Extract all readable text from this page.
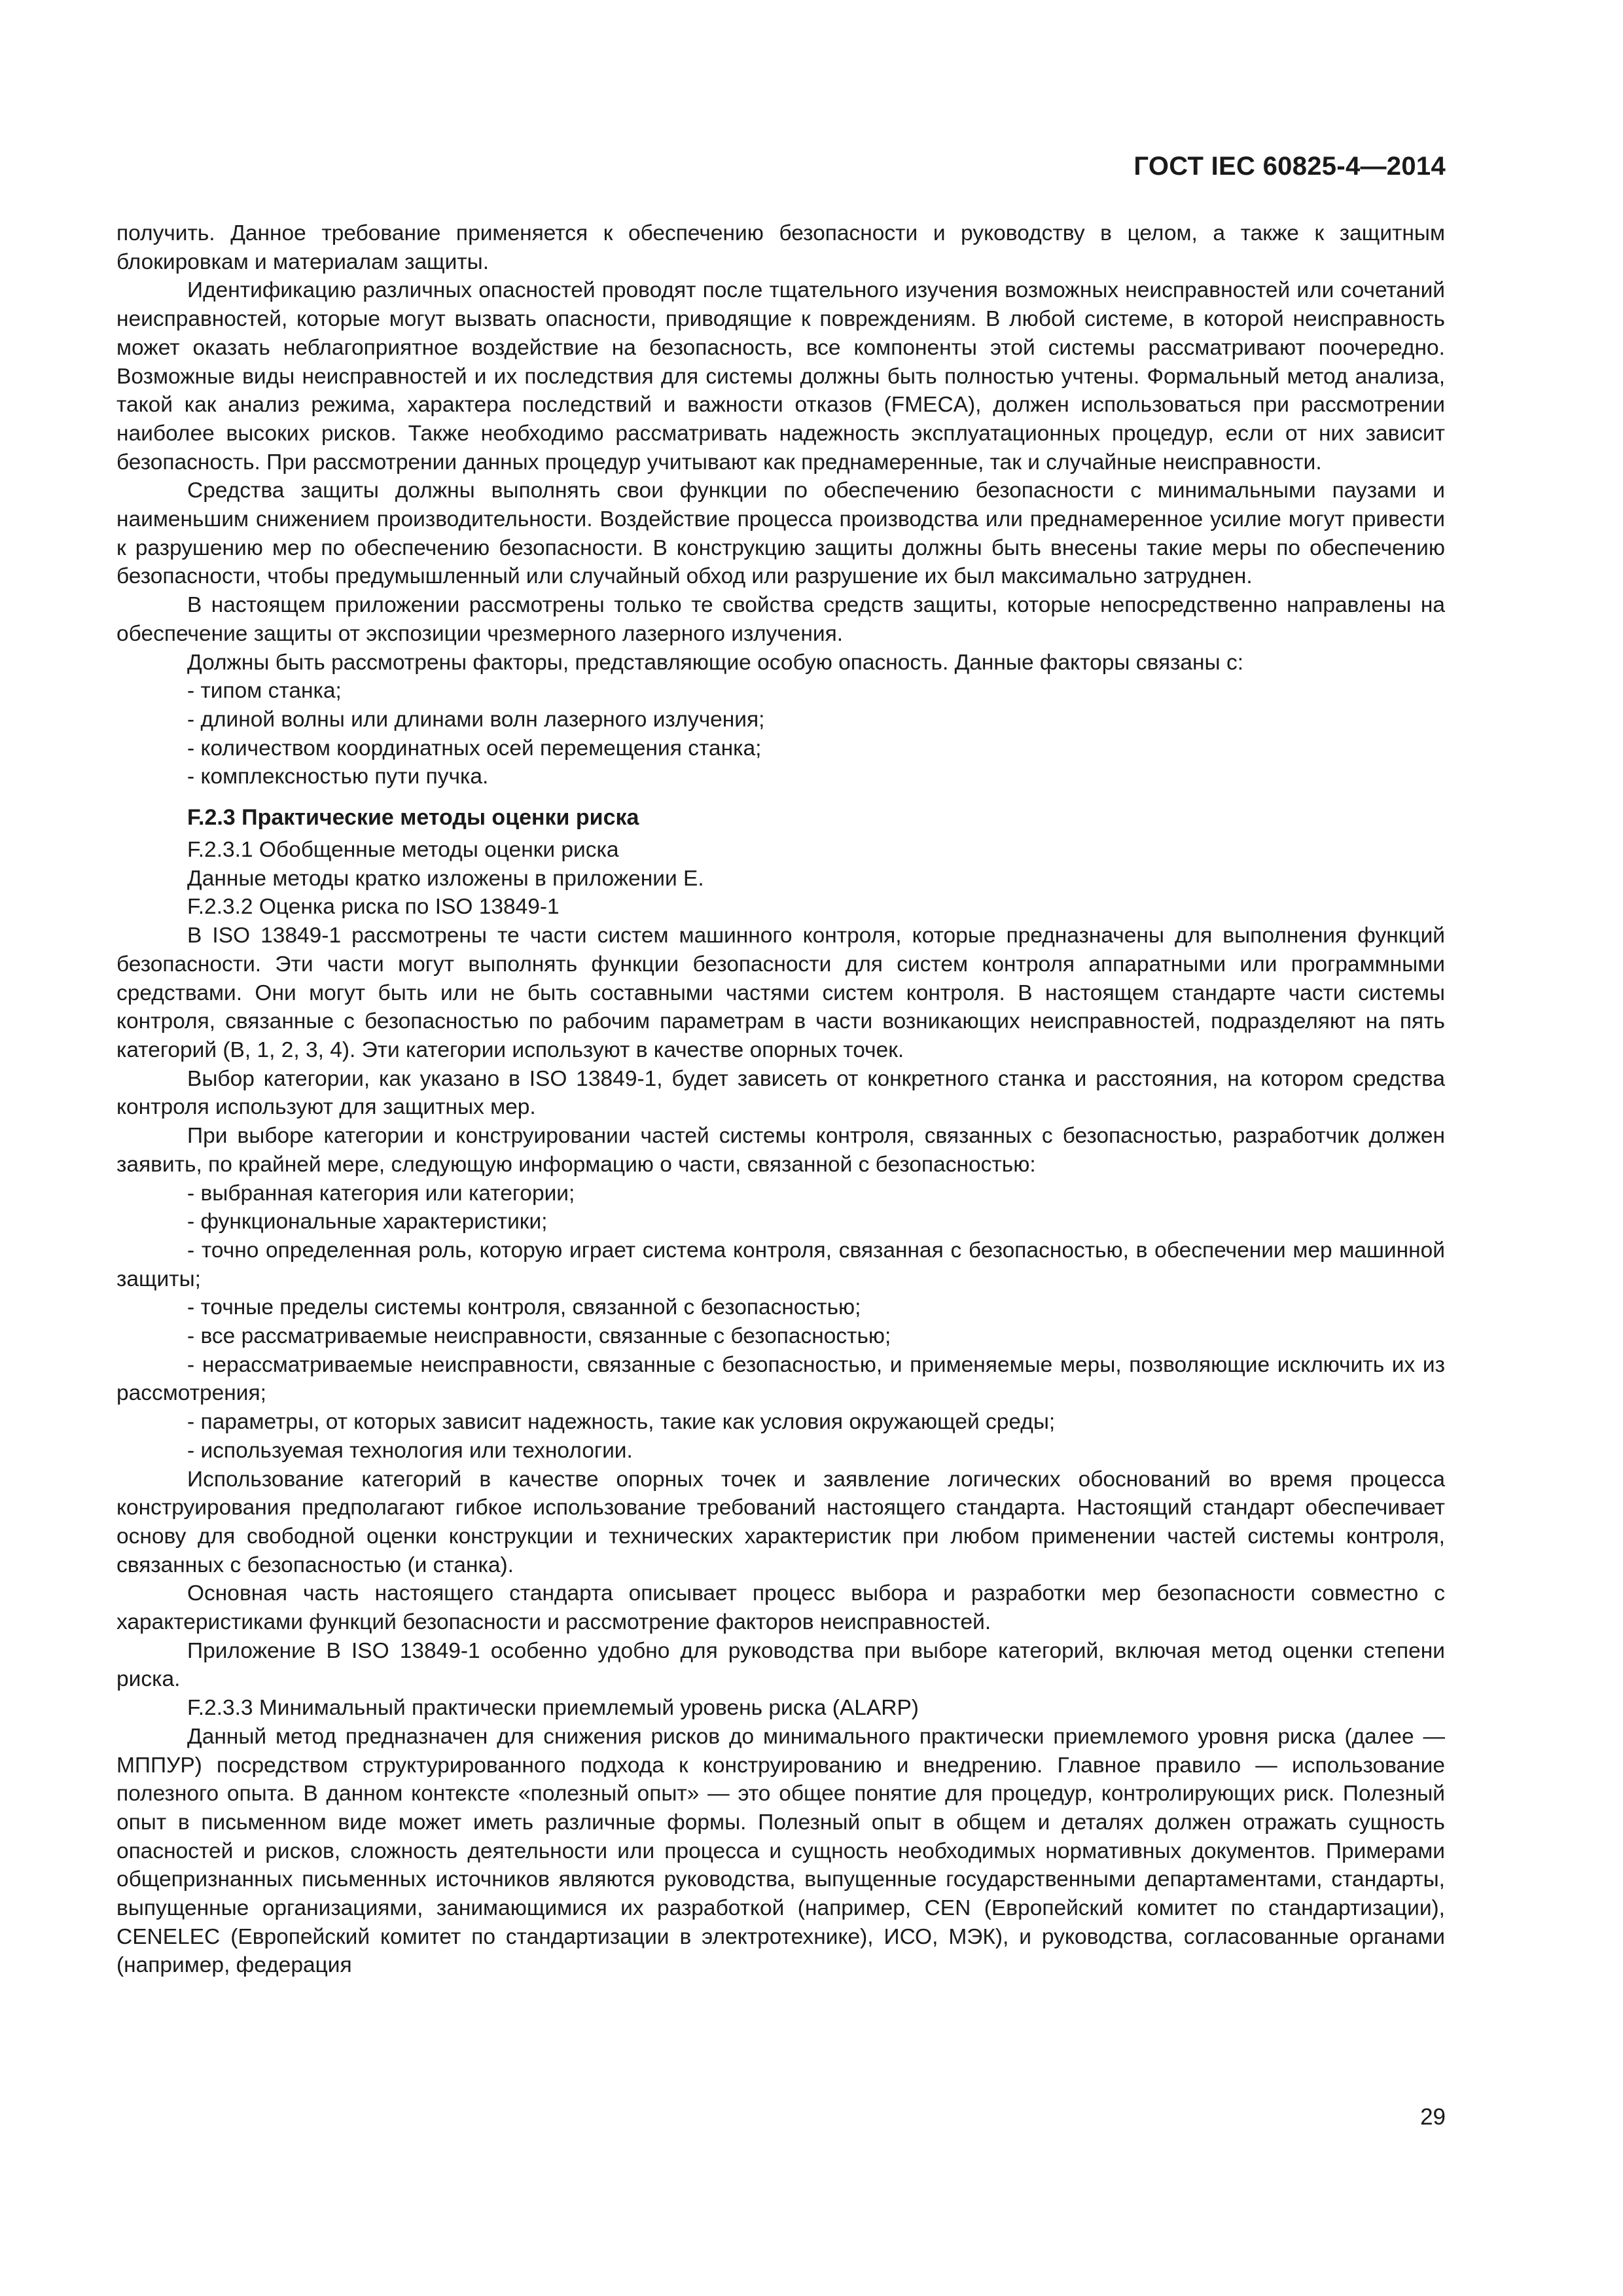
ГОСТ IEC 60825-4—2014

получить. Данное требование применяется к обеспечению безопасности и руководству в целом, а также к защитным блокировкам и материалам защиты.

Идентификацию различных опасностей проводят после тщательного изучения возможных неисправностей или сочетаний неисправностей, которые могут вызвать опасности, приводящие к повреждениям. В любой системе, в которой неисправность может оказать неблагоприятное воздействие на безопасность, все компоненты этой системы рассматривают поочередно. Возможные виды неисправностей и их последствия для системы должны быть полностью учтены. Формальный метод анализа, такой как анализ режима, характера последствий и важности отказов (FMECA), должен использоваться при рассмотрении наиболее высоких рисков. Также необходимо рассматривать надежность эксплуатационных процедур, если от них зависит безопасность. При рассмотрении данных процедур учитывают как преднамеренные, так и случайные неисправности.

Средства защиты должны выполнять свои функции по обеспечению безопасности с минимальными паузами и наименьшим снижением производительности. Воздействие процесса производства или преднамеренное усилие могут привести к разрушению мер по обеспечению безопасности. В конструкцию защиты должны быть внесены такие меры по обеспечению безопасности, чтобы предумышленный или случайный обход или разрушение их был максимально затруднен.

В настоящем приложении рассмотрены только те свойства средств защиты, которые непосредственно направлены на обеспечение защиты от экспозиции чрезмерного лазерного излучения.

Должны быть рассмотрены факторы, представляющие особую опасность. Данные факторы связаны с:

- типом станка;
- длиной волны или длинами волн лазерного излучения;
- количеством координатных осей перемещения станка;
- комплексностью пути пучка.
F.2.3 Практические методы оценки риска

F.2.3.1 Обобщенные методы оценки риска

Данные методы кратко изложены в приложении Е.

F.2.3.2 Оценка риска по ISO 13849-1

В ISO 13849-1 рассмотрены те части систем машинного контроля, которые предназначены для выполнения функций безопасности. Эти части могут выполнять функции безопасности для систем контроля аппаратными или программными средствами. Они могут быть или не быть составными частями систем контроля. В настоящем стандарте части системы контроля, связанные с безопасностью по рабочим параметрам в части возникающих неисправностей, подразделяют на пять категорий (В, 1, 2, 3, 4). Эти категории используют в качестве опорных точек.

Выбор категории, как указано в ISO 13849-1, будет зависеть от конкретного станка и расстояния, на котором средства контроля используют для защитных мер.

При выборе категории и конструировании частей системы контроля, связанных с безопасностью, разработчик должен заявить, по крайней мере, следующую информацию о части, связанной с безопасностью:

- выбранная категория или категории;
- функциональные характеристики;
- точно определенная роль, которую играет система контроля, связанная с безопасностью, в обеспечении мер машинной защиты;
- точные пределы системы контроля, связанной с безопасностью;
- все рассматриваемые неисправности, связанные с безопасностью;
- нерассматриваемые неисправности, связанные с безопасностью, и применяемые меры, позволяющие исключить их из рассмотрения;
- параметры, от которых зависит надежность, такие как условия окружающей среды;
- используемая технология или технологии.

Использование категорий в качестве опорных точек и заявление логических обоснований во время процесса конструирования предполагают гибкое использование требований настоящего стандарта. Настоящий стандарт обеспечивает основу для свободной оценки конструкции и технических характеристик при любом применении частей системы контроля, связанных с безопасностью (и станка).

Основная часть настоящего стандарта описывает процесс выбора и разработки мер безопасности совместно с характеристиками функций безопасности и рассмотрение факторов неисправностей.

Приложение В ISO 13849-1 особенно удобно для руководства при выборе категорий, включая метод оценки степени риска.

F.2.3.3 Минимальный практически приемлемый уровень риска (ALARP)

Данный метод предназначен для снижения рисков до минимального практически приемлемого уровня риска (далее — МППУР) посредством структурированного подхода к конструированию и внедрению. Главное правило — использование полезного опыта. В данном контексте «полезный опыт» — это общее понятие для процедур, контролирующих риск. Полезный опыт в письменном виде может иметь различные формы. Полезный опыт в общем и деталях должен отражать сущность опасностей и рисков, сложность деятельности или процесса и сущность необходимых нормативных документов. Примерами общепризнанных письменных источников являются руководства, выпущенные государственными департаментами, стандарты, выпущенные организациями, занимающимися их разработкой (например, CEN (Европейский комитет по стандартизации), CENELEC (Европейский комитет по стандартизации в электротехнике), ИСО, МЭК), и руководства, согласованные органами (например, федерация

29
